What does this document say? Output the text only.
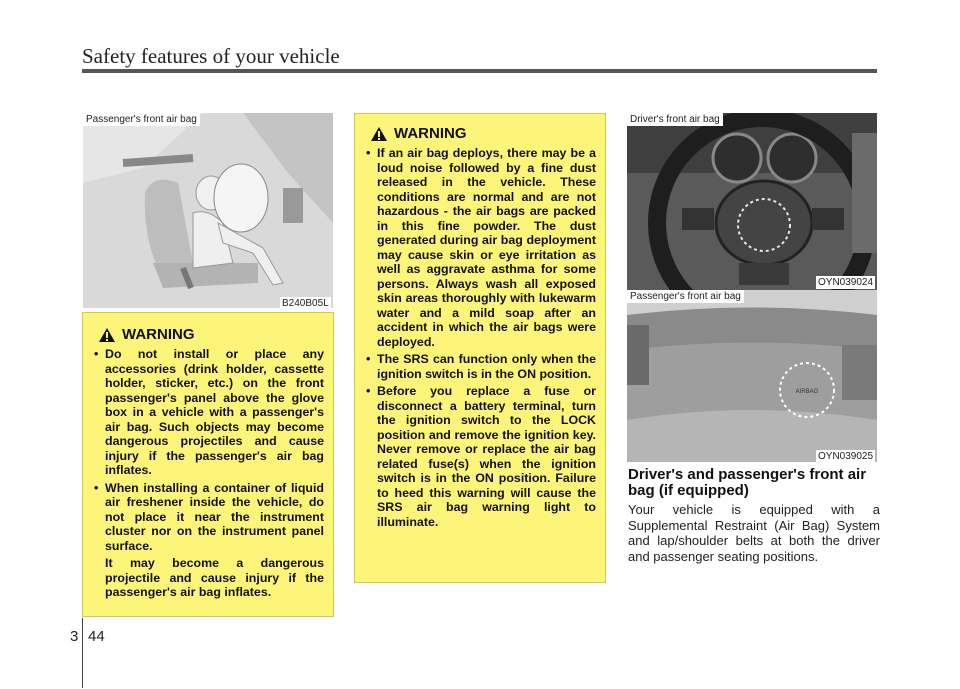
Safety features of your vehicle
Passenger's front air bag
B240B05L
WARNING
• Do not install or place any accessories (drink holder, cassette holder, sticker, etc.) on the front passenger's panel above the glove box in a vehicle with a passenger's air bag. Such objects may become dangerous projectiles and cause injury if the passenger's air bag inflates.
• When installing a container of liquid air freshener inside the vehicle, do not place it near the instrument cluster nor on the instrument panel surface.
It may become a dangerous projectile and cause injury if the passenger's air bag inflates.
WARNING
• If an air bag deploys, there may be a loud noise followed by a fine dust released in the vehicle. These conditions are normal and are not hazardous - the air bags are packed in this fine powder. The dust generated during air bag deployment may cause skin or eye irritation as well as aggravate asthma for some persons. Always wash all exposed skin areas thoroughly with lukewarm water and a mild soap after an accident in which the air bags were deployed.
• The SRS can function only when the ignition switch is in the ON position.
• Before you replace a fuse or disconnect a battery terminal, turn the ignition switch to the LOCK position and remove the ignition key. Never remove or replace the air bag related fuse(s) when the ignition switch is in the ON position. Failure to heed this warning will cause the SRS air bag warning light to illuminate.
Driver's front air bag
OYN039024
AIRBAG
Passenger's front air bag
OYN039025
Driver's and passenger's front air bag (if equipped)
Your vehicle is equipped with a Supplemental Restraint (Air Bag) System and lap/shoulder belts at both the driver and passenger seating positions.
3 44
